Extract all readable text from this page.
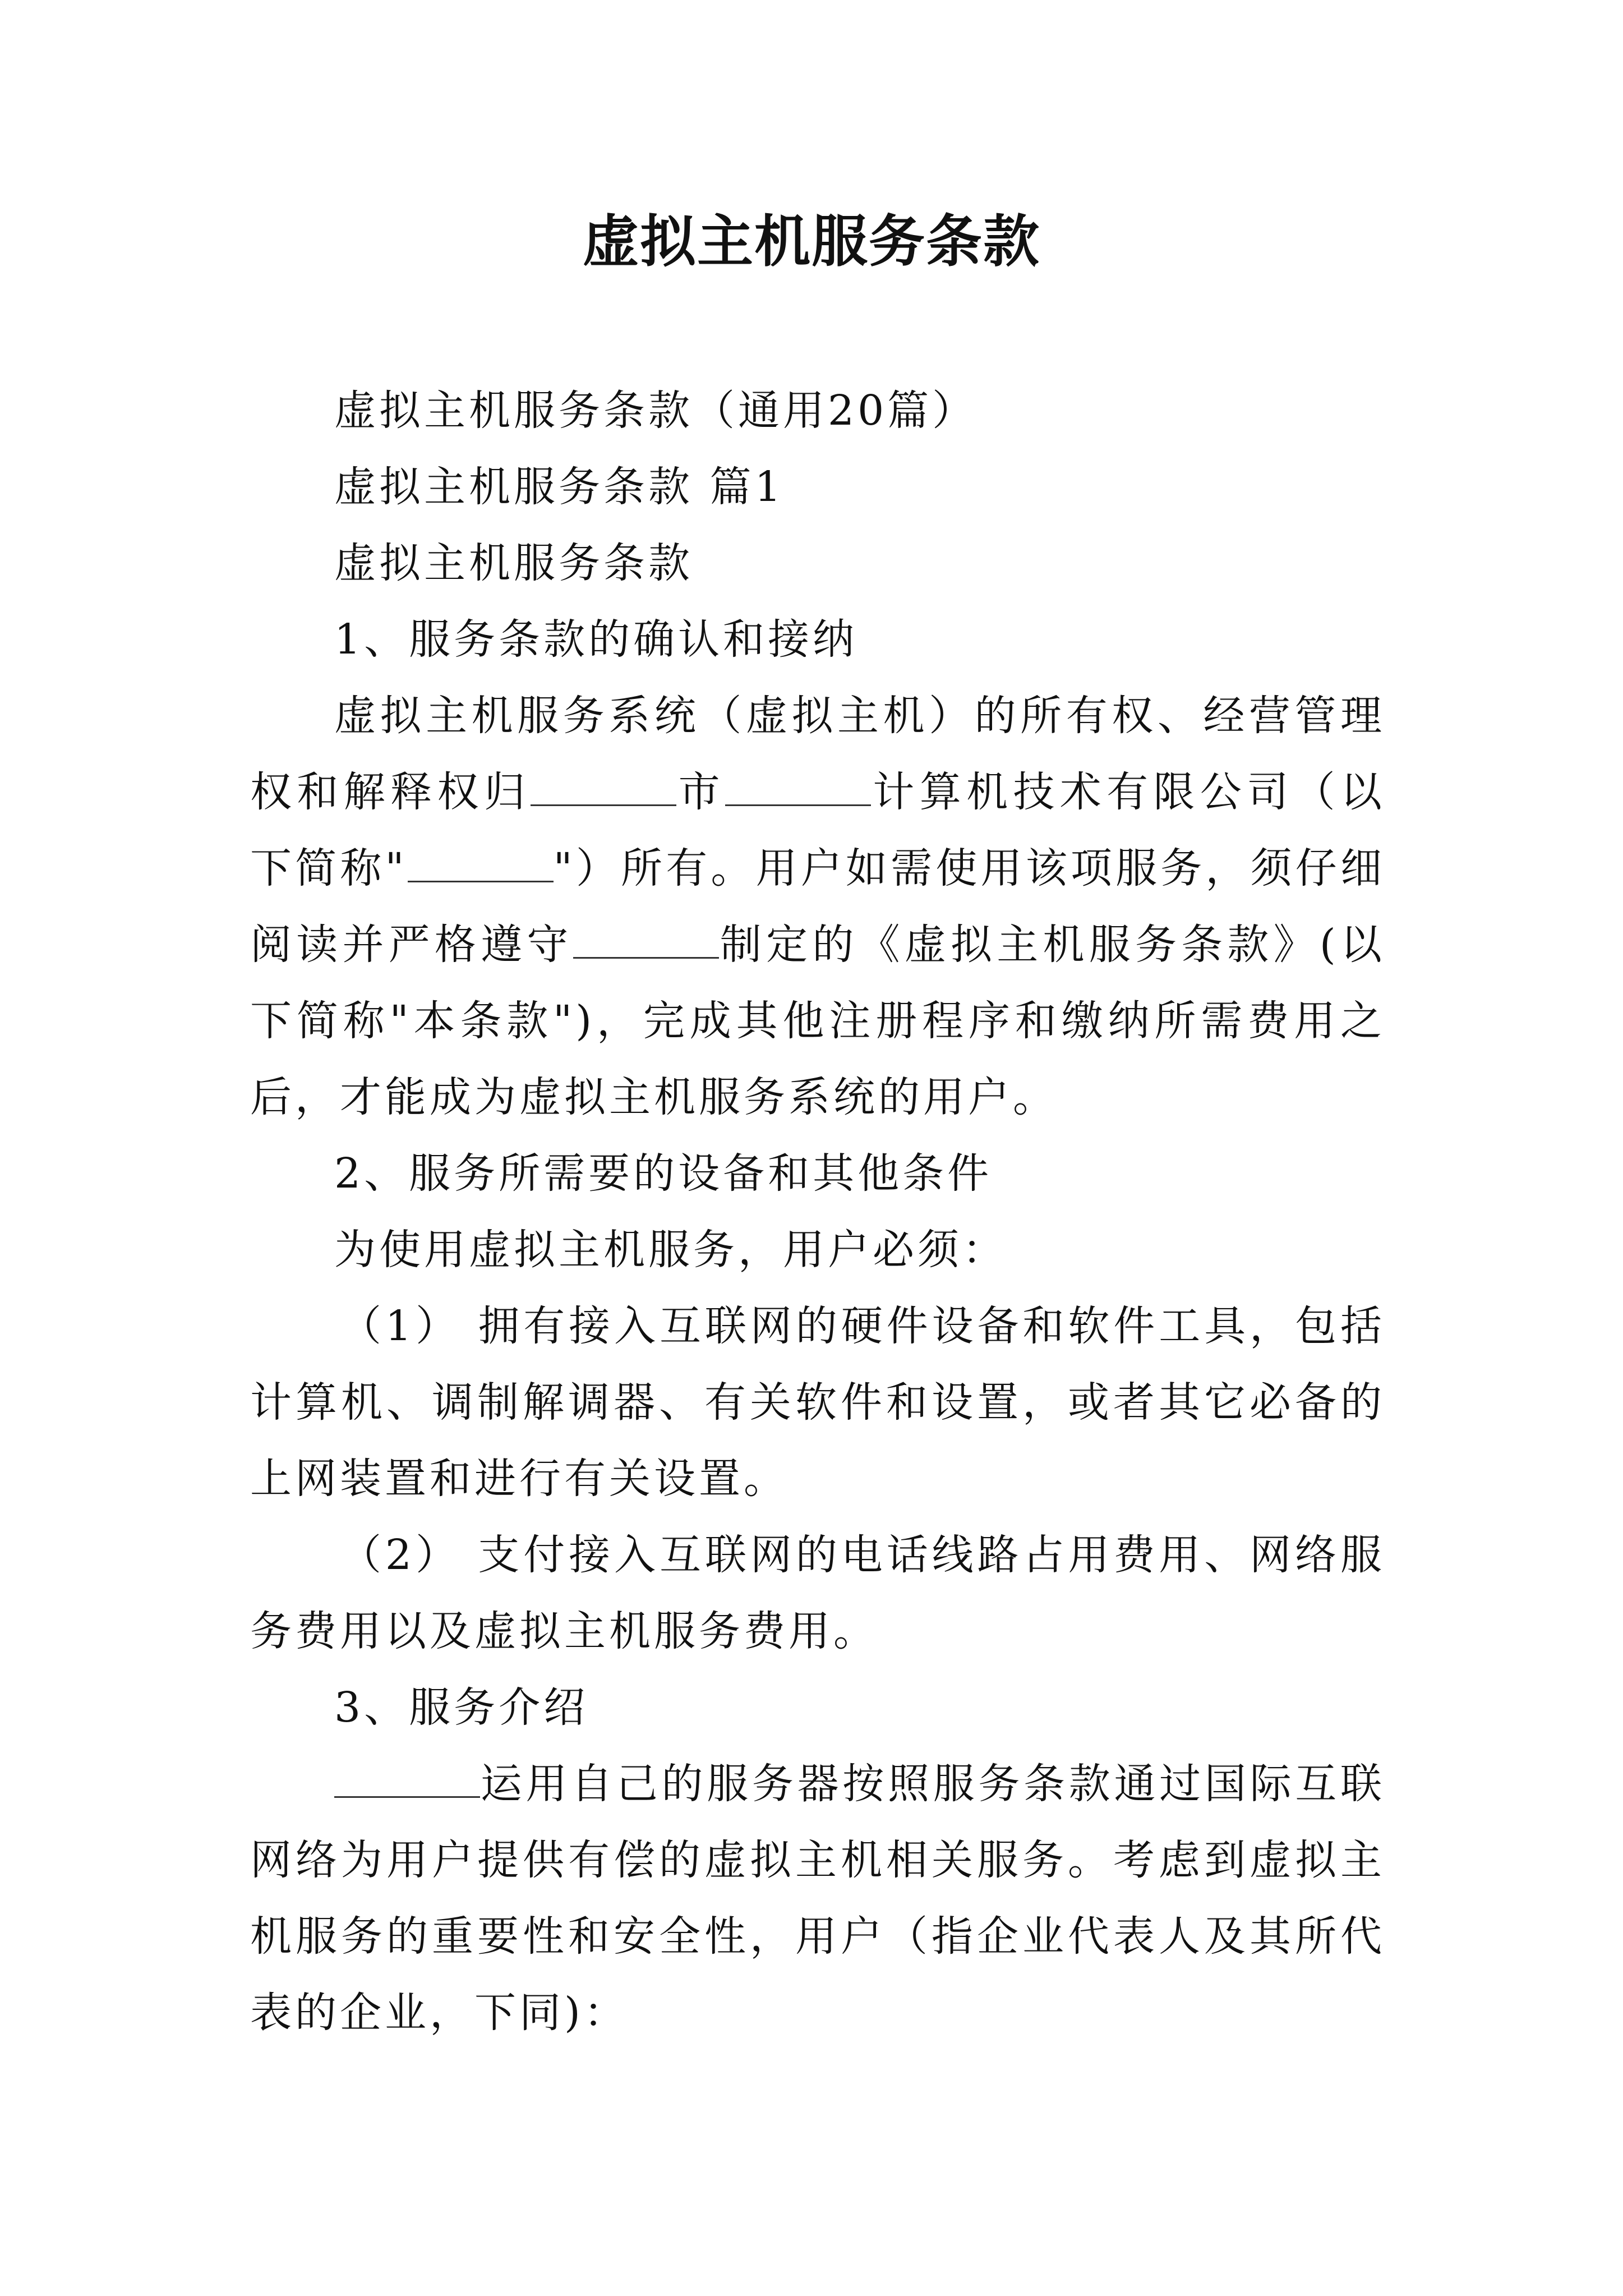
虚拟主机服务条款

虚拟主机服务条款（通用20篇）

虚拟主机服务条款 篇1

虚拟主机服务条款

1、服务条款的确认和接纳

虚拟主机服务系统（虚拟主机）的所有权、经营管理权和解释权归	市	计算机技术有限公司（以下简称"	"）所有。用户如需使用该项服务，须仔细阅读并严格遵守	制定的《虚拟主机服务条款》(以下简称"本条款")，完成其他注册程序和缴纳所需费用之后，才能成为虚拟主机服务系统的用户。

2、服务所需要的设备和其他条件

为使用虚拟主机服务，用户必须：

（1） 拥有接入互联网的硬件设备和软件工具，包括计算机、调制解调器、有关软件和设置，或者其它必备的上网装置和进行有关设置。

（2） 支付接入互联网的电话线路占用费用、网络服务费用以及虚拟主机服务费用。

3、服务介绍

运用自己的服务器按照服务条款通过国际互联网络为用户提供有偿的虚拟主机相关服务。考虑到虚拟主机服务的重要性和安全性，用户（指企业代表人及其所代表的企业，下同)：
